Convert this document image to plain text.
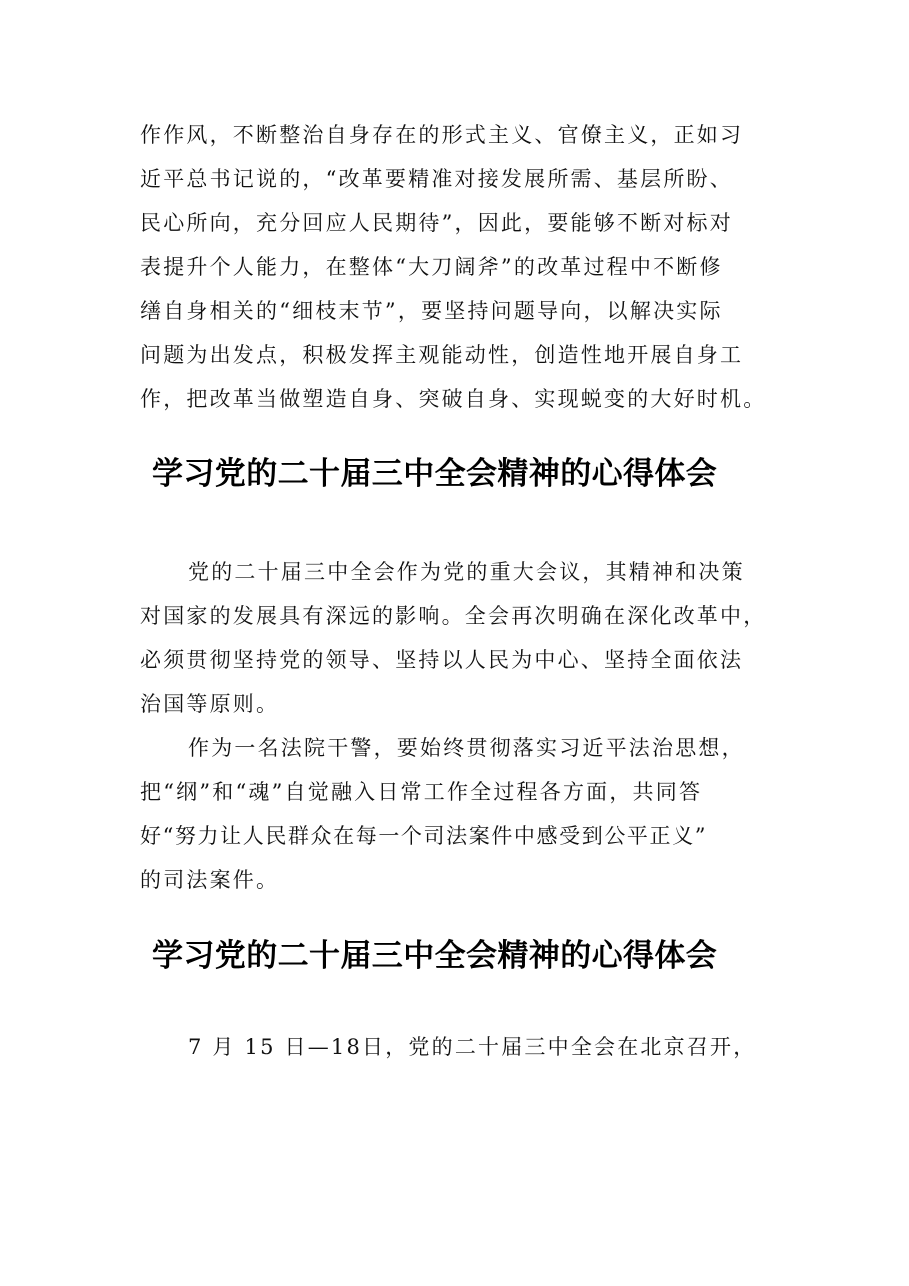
作作风，不断整治自身存在的形式主义、官僚主义，正如习
近平总书记说的，“改革要精准对接发展所需、基层所盼、
民心所向，充分回应人民期待”，因此，要能够不断对标对
表提升个人能力，在整体“大刀阔斧”的改革过程中不断修
缮自身相关的“细枝末节”，要坚持问题导向，以解决实际
问题为出发点，积极发挥主观能动性，创造性地开展自身工
作，把改革当做塑造自身、突破自身、实现蜕变的大好时机。
学习党的二十届三中全会精神的心得体会
党的二十届三中全会作为党的重大会议，其精神和决策
对国家的发展具有深远的影响。全会再次明确在深化改革中，
必须贯彻坚持党的领导、坚持以人民为中心、坚持全面依法
治国等原则。
作为一名法院干警，要始终贯彻落实习近平法治思想，
把“纲”和“魂”自觉融入日常工作全过程各方面，共同答
好“努力让人民群众在每一个司法案件中感受到公平正义”
的司法案件。
学习党的二十届三中全会精神的心得体会
7 月 15 日—18日，党的二十届三中全会在北京召开，
